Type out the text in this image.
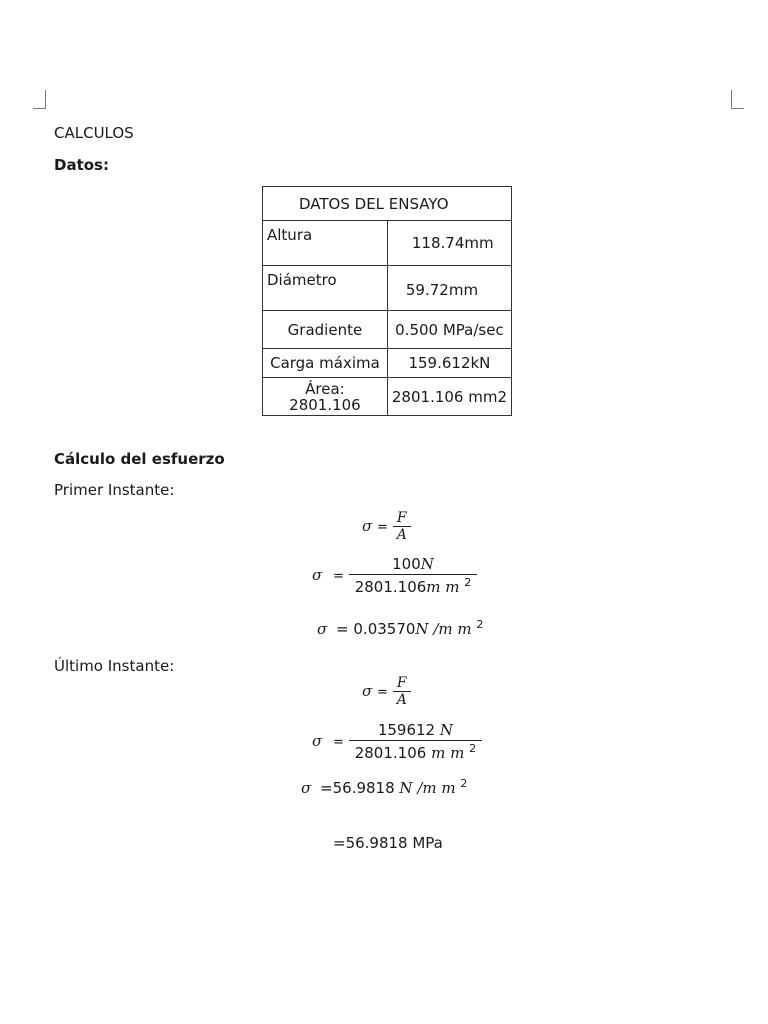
CALCULOS
Datos:
DATOS DEL ENSAYO	
Altura	118.74mm
Diámetro	59.72mm
Gradiente	0.500 MPa/sec
Carga máxima	159.612kN
Área: 2801.106	2801.106 mm2
Cálculo del esfuerzo
Primer Instante:
$\sigma = \frac{F}{A}$
$\sigma = \frac{100N}{2801.106m m ^2}$
σ = 0.03570N /m m $^2$
Último Instante:
$\sigma = \frac{F}{A}$
$\sigma = \frac{159612 N}{2801.106 m m ^2}$
σ =56.9818 N /m m $^2$
=56.9818 MPa
